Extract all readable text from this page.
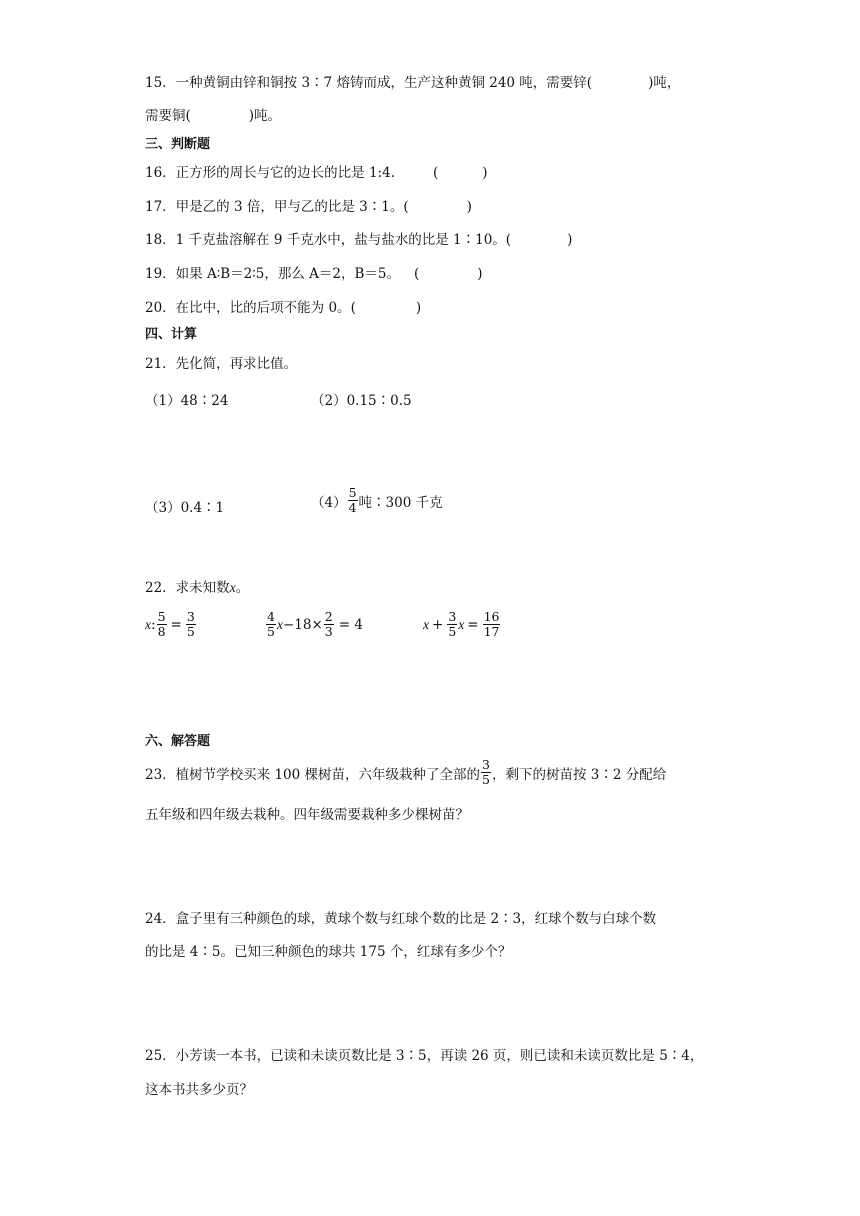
15．一种黄铜由锌和铜按 3∶7 熔铸而成，生产这种黄铜 240 吨，需要锌(	)吨，
需要铜(	)吨。
三、判断题
16．正方形的周长与它的边长的比是 1:4.	(	)
17．甲是乙的 3 倍，甲与乙的比是 3∶1。(	)
18．1 千克盐溶解在 9 千克水中，盐与盐水的比是 1∶10。(	)
19．如果 A∶B＝2∶5，那么 A＝2，B＝5。 (	)
20．在比中，比的后项不能为 0。(	)
四、计算
21．先化简，再求比值。
（1）48∶24	（2）0.15∶0.5
（3）0.4∶1	$(4) \frac{5}{4}$ 吨∶300 千克
22．求未知数x。
x : $\frac{5}{8} = \frac{3}{5}$	$\frac{4}{5}$ $x -18\times \frac{2}{3} = 4$	$x + \frac{3}{5}$ $x = \frac{16}{17}$
六、解答题
23．植树节学校买来 100 棵树苗，六年级栽种了全部的 $\frac{3}{5}$ ，剩下的树苗按 3∶2 分配给
五年级和四年级去栽种。四年级需要栽种多少棵树苗？
24．盒子里有三种颜色的球，黄球个数与红球个数的比是 2∶3，红球个数与白球个数
的比是 4∶5。已知三种颜色的球共 175 个，红球有多少个？
25．小芳读一本书，已读和未读页数比是 3∶5，再读 26 页，则已读和未读页数比是 5∶4，
这本书共多少页？
